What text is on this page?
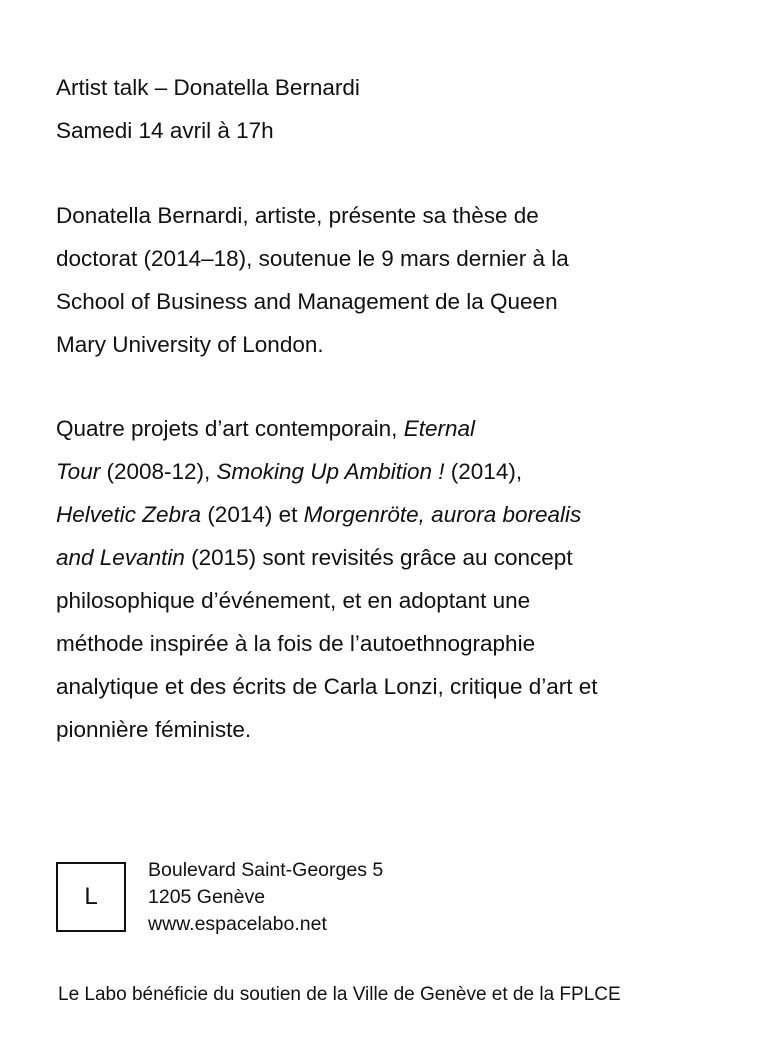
Artist talk – Donatella Bernardi
Samedi 14 avril à 17h
Donatella Bernardi, artiste, présente sa thèse de
doctorat (2014–18), soutenue le 9 mars dernier à la
School of Business and Management de la Queen
Mary University of London.
Quatre projets d’art contemporain, Eternal
Tour (2008-12), Smoking Up Ambition ! (2014),
Helvetic Zebra (2014) et Morgenröte, aurora borealis
and Levantin (2015) sont revisités grâce au concept
philosophique d’événement, et en adoptant une
méthode inspirée à la fois de l’autoethnographie
analytique et des écrits de Carla Lonzi, critique d’art et
pionnière féministe.
L
Boulevard Saint-Georges 5
1205 Genève
www.espacelabo.net
Le Labo bénéficie du soutien de la Ville de Genève et de la FPLCE
